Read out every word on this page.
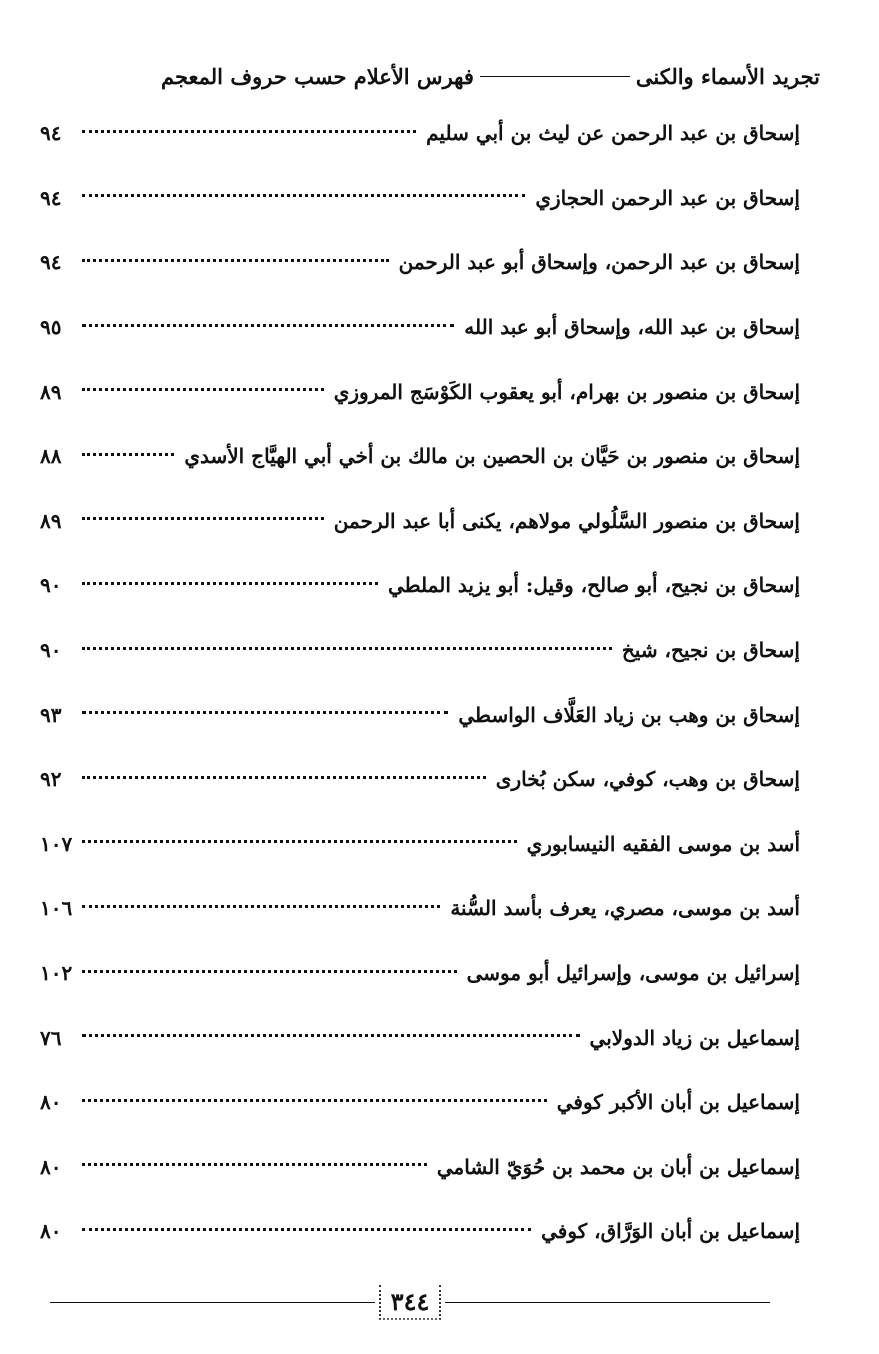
تجريد الأسماء والكنى
فهرس الأعلام حسب حروف المعجم
إسحاق بن عبد الرحمن عن ليث بن أبي سليم
٩٤
إسحاق بن عبد الرحمن الحجازي
٩٤
إسحاق بن عبد الرحمن، وإسحاق أبو عبد الرحمن
٩٤
إسحاق بن عبد الله، وإسحاق أبو عبد الله
٩٥
إسحاق بن منصور بن بهرام، أبو يعقوب الكَوْسَج المروزي
٨٩
إسحاق بن منصور بن حَيَّان بن الحصين بن مالك بن أخي أبي الهيَّاج الأسدي
٨٨
إسحاق بن منصور السَّلُولي مولاهم، يكنى أبا عبد الرحمن
٨٩
إسحاق بن نجيح، أبو صالح، وقيل: أبو يزيد الملطي
٩٠
إسحاق بن نجيح، شيخ
٩٠
إسحاق بن وهب بن زياد العَلَّاف الواسطي
٩٣
إسحاق بن وهب، كوفي، سكن بُخارى
٩٢
أسد بن موسى الفقيه النيسابوري
١٠٧
أسد بن موسى، مصري، يعرف بأسد السُّنة
١٠٦
إسرائيل بن موسى، وإسرائيل أبو موسى
١٠٢
إسماعيل بن زياد الدولابي
٧٦
إسماعيل بن أبان الأكبر كوفي
٨٠
إسماعيل بن أبان بن محمد بن حُوَيّ الشامي
٨٠
إسماعيل بن أبان الوَرَّاق، كوفي
٨٠
٣٤٤
